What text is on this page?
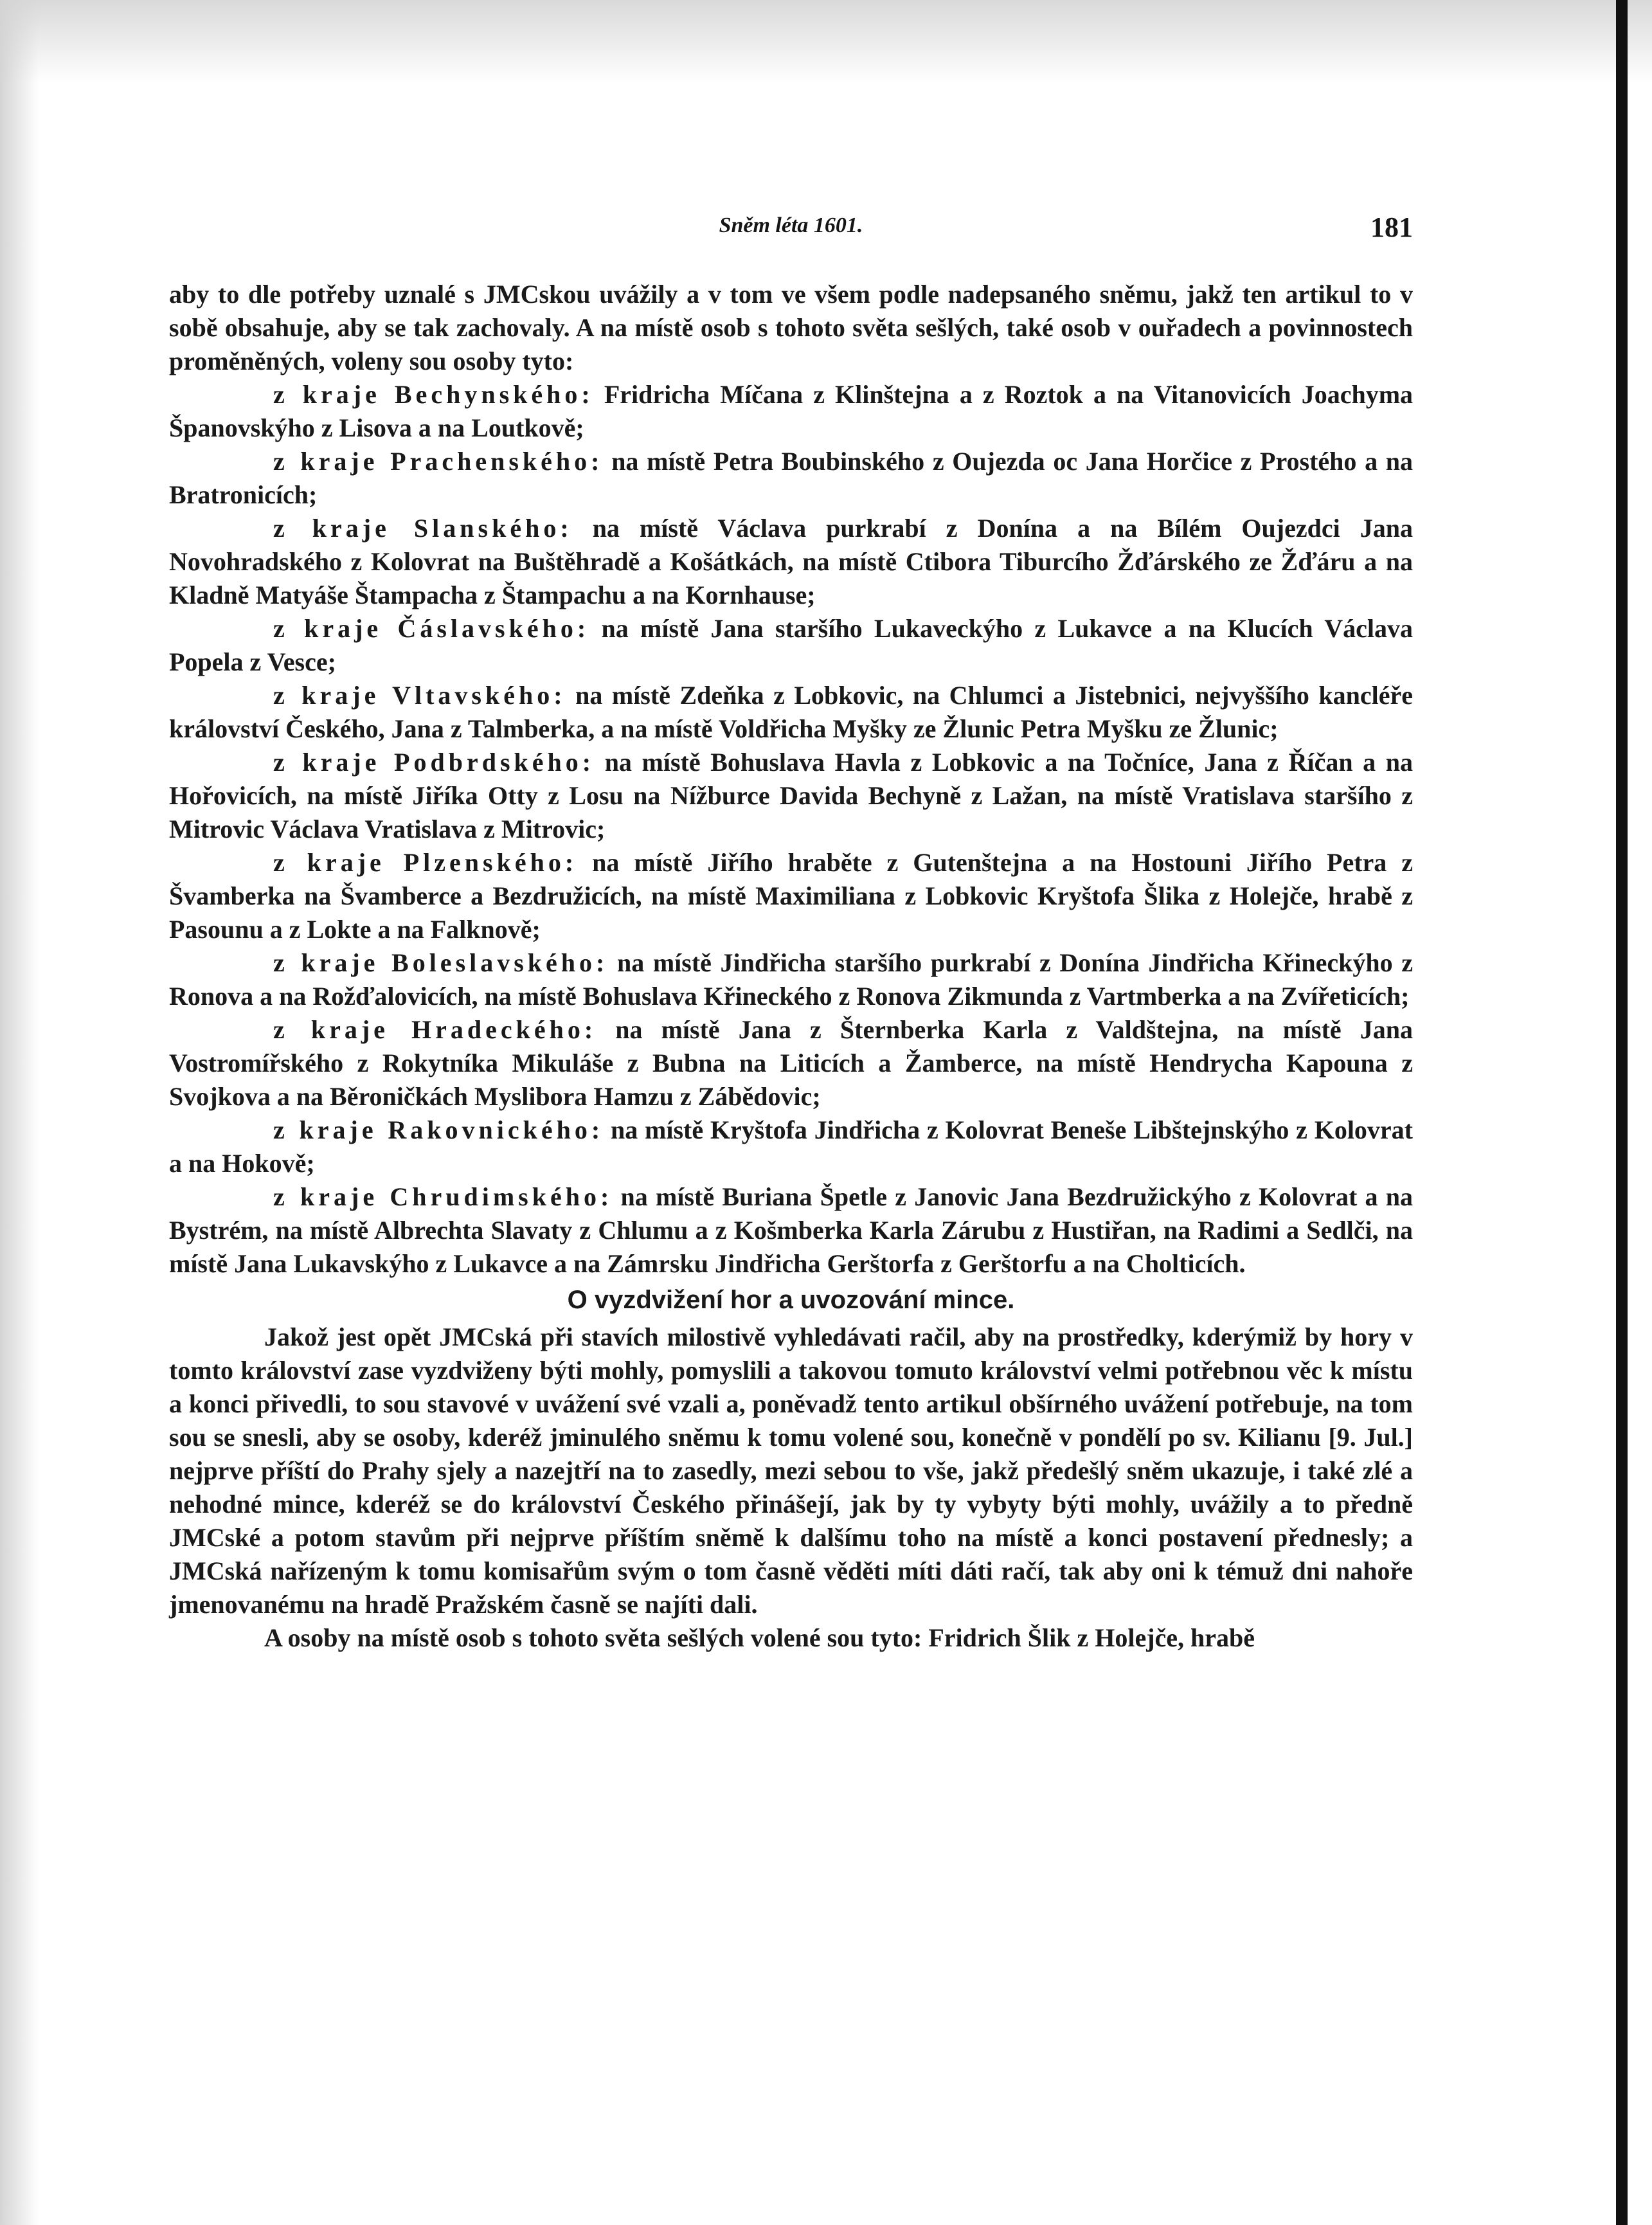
Sněm léta 1601.	181

aby to dle potřeby uznalé s JMCskou uvážily a v tom ve všem podle nadepsaného sněmu, jakž ten artikul to v sobě obsahuje, aby se tak zachovaly. A na místě osob s tohoto světa sešlých, také osob v ouřadech a povinnostech proměněných, voleny sou osoby tyto:

z kraje Bechynského: Fridricha Míčana z Klinštejna a z Roztok a na Vitanovicích Joachyma Španovskýho z Lisova a na Loutkově;

z kraje Prachenského: na místě Petra Boubinského z Oujezda oc Jana Horčice z Prostého a na Bratronicích;

z kraje Slanského: na místě Václava purkrabí z Donína a na Bílém Oujezdci Jana Novohradského z Kolovrat na Buštěhradě a Košátkách, na místě Ctibora Tiburcího Žďárského ze Žďáru a na Kladně Matyáše Štampacha z Štampachu a na Kornhause;

z kraje Čáslavského: na místě Jana staršího Lukaveckýho z Lukavce a na Klucích Václava Popela z Vesce;

z kraje Vltavského: na místě Zdeňka z Lobkovic, na Chlumci a Jistebnici, nejvyššího kancléře království Českého, Jana z Talmberka, a na místě Voldřicha Myšky ze Žlunic Petra Myšku ze Žlunic;

z kraje Podbrdského: na místě Bohuslava Havla z Lobkovic a na Točníce, Jana z Říčan a na Hořovicích, na místě Jiříka Otty z Losu na Nížburce Davida Bechyně z Lažan, na místě Vratislava staršího z Mitrovic Václava Vratislava z Mitrovic;

z kraje Plzenského: na místě Jiřího hraběte z Gutenštejna a na Hostouni Jiřího Petra z Švamberka na Švamberce a Bezdružicích, na místě Maximiliana z Lobkovic Kryštofa Šlika z Holejče, hrabě z Pasounu a z Lokte a na Falknově;

z kraje Boleslavského: na místě Jindřicha staršího purkrabí z Donína Jindřicha Křineckýho z Ronova a na Rožďalovicích, na místě Bohuslava Křineckého z Ronova Zikmunda z Vartmberka a na Zvířeticích;

z kraje Hradeckého: na místě Jana z Šternberka Karla z Valdštejna, na místě Jana Vostromířského z Rokytníka Mikuláše z Bubna na Liticích a Žamberce, na místě Hendrycha Kapouna z Svojkova a na Běroničkách Myslibora Hamzu z Zábědovic;

z kraje Rakovnického: na místě Kryštofa Jindřicha z Kolovrat Beneše Libštejnskýho z Kolovrat a na Hokově;

z kraje Chrudimského: na místě Buriana Špetle z Janovic Jana Bezdružickýho z Kolovrat a na Bystrém, na místě Albrechta Slavaty z Chlumu a z Košmberka Karla Zárubu z Hustiřan, na Radimi a Sedlči, na místě Jana Lukavskýho z Lukavce a na Zámrsku Jindřicha Gerštorfa z Gerštorfu a na Cholticích.

O vyzdvižení hor a uvozování mince.

Jakož jest opět JMCská při stavích milostivě vyhledávati račil, aby na prostředky, kderýmiž by hory v tomto království zase vyzdviženy býti mohly, pomyslili a takovou tomuto království velmi potřebnou věc k místu a konci přivedli, to sou stavové v uvážení své vzali a, poněvadž tento artikul obšírného uvážení potřebuje, na tom sou se snesli, aby se osoby, kderéž jminulého sněmu k tomu volené sou, konečně v pondělí po sv. Kilianu [9. Jul.] nejprve příští do Prahy sjely a nazejtří na to zasedly, mezi sebou to vše, jakž předešlý sněm ukazuje, i také zlé a nehodné mince, kderéž se do království Českého přinášejí, jak by ty vybyty býti mohly, uvážily a to předně JMCské a potom stavům při nejprve příštím sněmě k dalšímu toho na místě a konci postavení přednesly; a JMCská nařízeným k tomu komisařům svým o tom časně věděti míti dáti račí, tak aby oni k témuž dni nahoře jmenovanému na hradě Pražském časně se najíti dali.

A osoby na místě osob s tohoto světa sešlých volené sou tyto: Fridrich Šlik z Holejče, hrabě
